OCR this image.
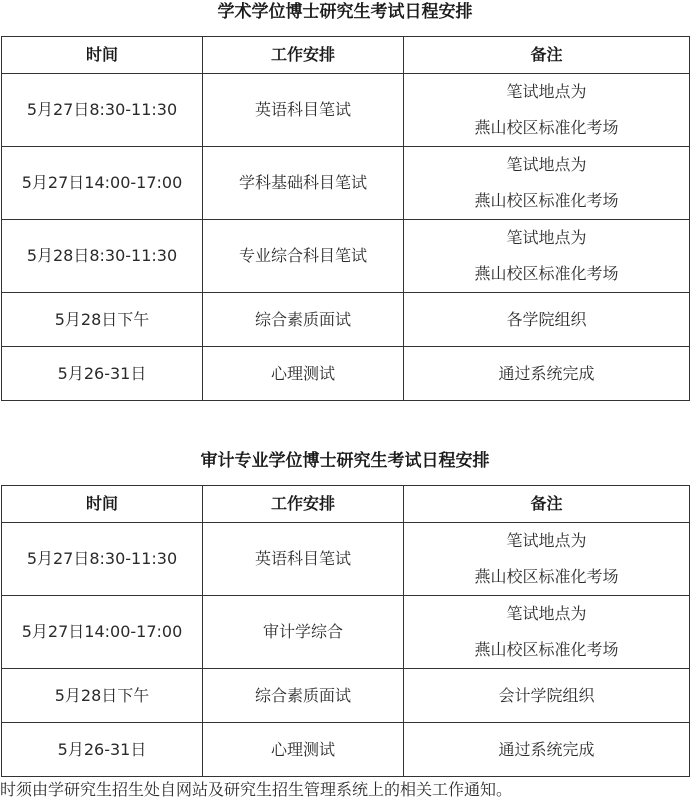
学术学位博士研究生考试日程安排
时间	工作安排	备注
5月27日8:30-11:30	英语科目笔试	笔试地点为
燕山校区标准化考场

5月27日14:00-17:00	学科基础科目笔试	笔试地点为
燕山校区标准化考场

5月28日8:30-11:30	专业综合科目笔试	笔试地点为
燕山校区标准化考场

5月28日下午	综合素质面试	各学院组织
5月26-31日	心理测试	通过系统完成
审计专业学位博士研究生考试日程安排
时间	工作安排	备注
5月27日8:30-11:30	英语科目笔试	笔试地点为
燕山校区标准化考场

5月27日14:00-17:00	审计学综合	笔试地点为
燕山校区标准化考场

5月28日下午	综合素质面试	会计学院组织
5月26-31日	心理测试	通过系统完成
时须由学研究生招生处自网站及研究生招生管理系统上的相关工作通知。
